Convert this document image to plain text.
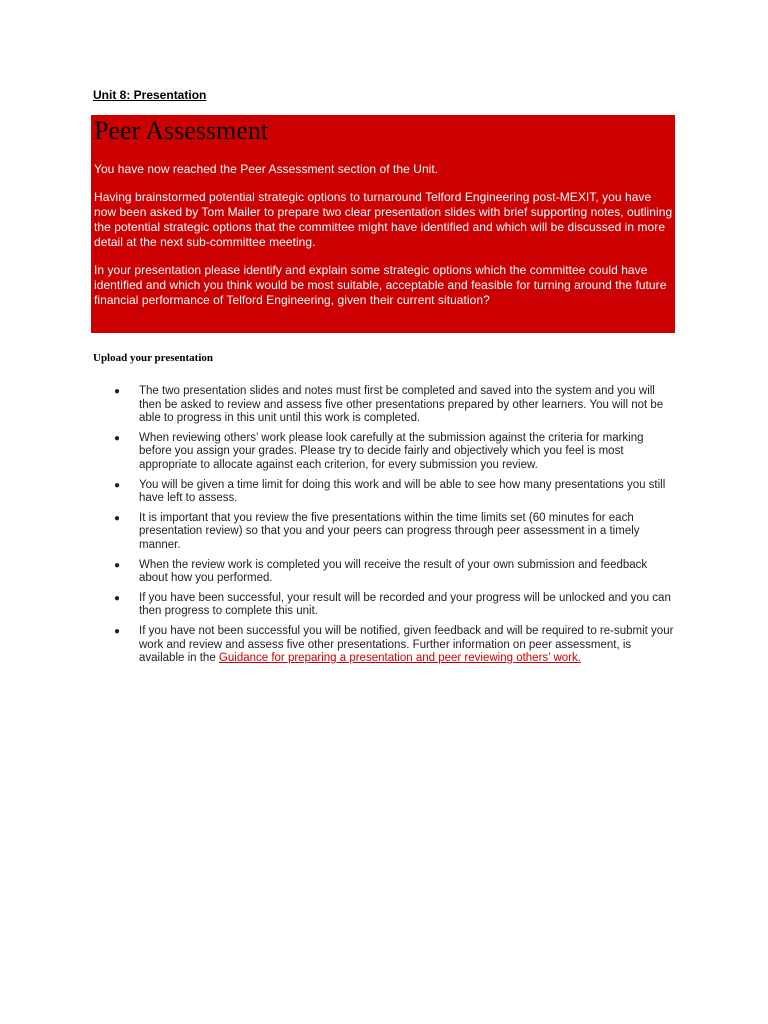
Unit 8: Presentation

Peer Assessment

You have now reached the Peer Assessment section of the Unit.

Having brainstormed potential strategic options to turnaround Telford Engineering post-MEXIT, you have now been asked by Tom Mailer to prepare two clear presentation slides with brief supporting notes, outlining the potential strategic options that the committee might have identified and which will be discussed in more detail at the next sub-committee meeting.

In your presentation please identify and explain some strategic options which the committee could have identified and which you think would be most suitable, acceptable and feasible for turning around the future financial performance of Telford Engineering, given their current situation?

Upload your presentation

● The two presentation slides and notes must first be completed and saved into the system and you will then be asked to review and assess five other presentations prepared by other learners. You will not be able to progress in this unit until this work is completed.
● When reviewing others’ work please look carefully at the submission against the criteria for marking before you assign your grades. Please try to decide fairly and objectively which you feel is most appropriate to allocate against each criterion, for every submission you review.
● You will be given a time limit for doing this work and will be able to see how many presentations you still have left to assess.
● It is important that you review the five presentations within the time limits set (60 minutes for each presentation review) so that you and your peers can progress through peer assessment in a timely manner.
● When the review work is completed you will receive the result of your own submission and feedback about how you performed.
● If you have been successful, your result will be recorded and your progress will be unlocked and you can then progress to complete this unit.
● If you have not been successful you will be notified, given feedback and will be required to re-submit your work and review and assess five other presentations. Further information on peer assessment, is available in the Guidance for preparing a presentation and peer reviewing others’ work.
